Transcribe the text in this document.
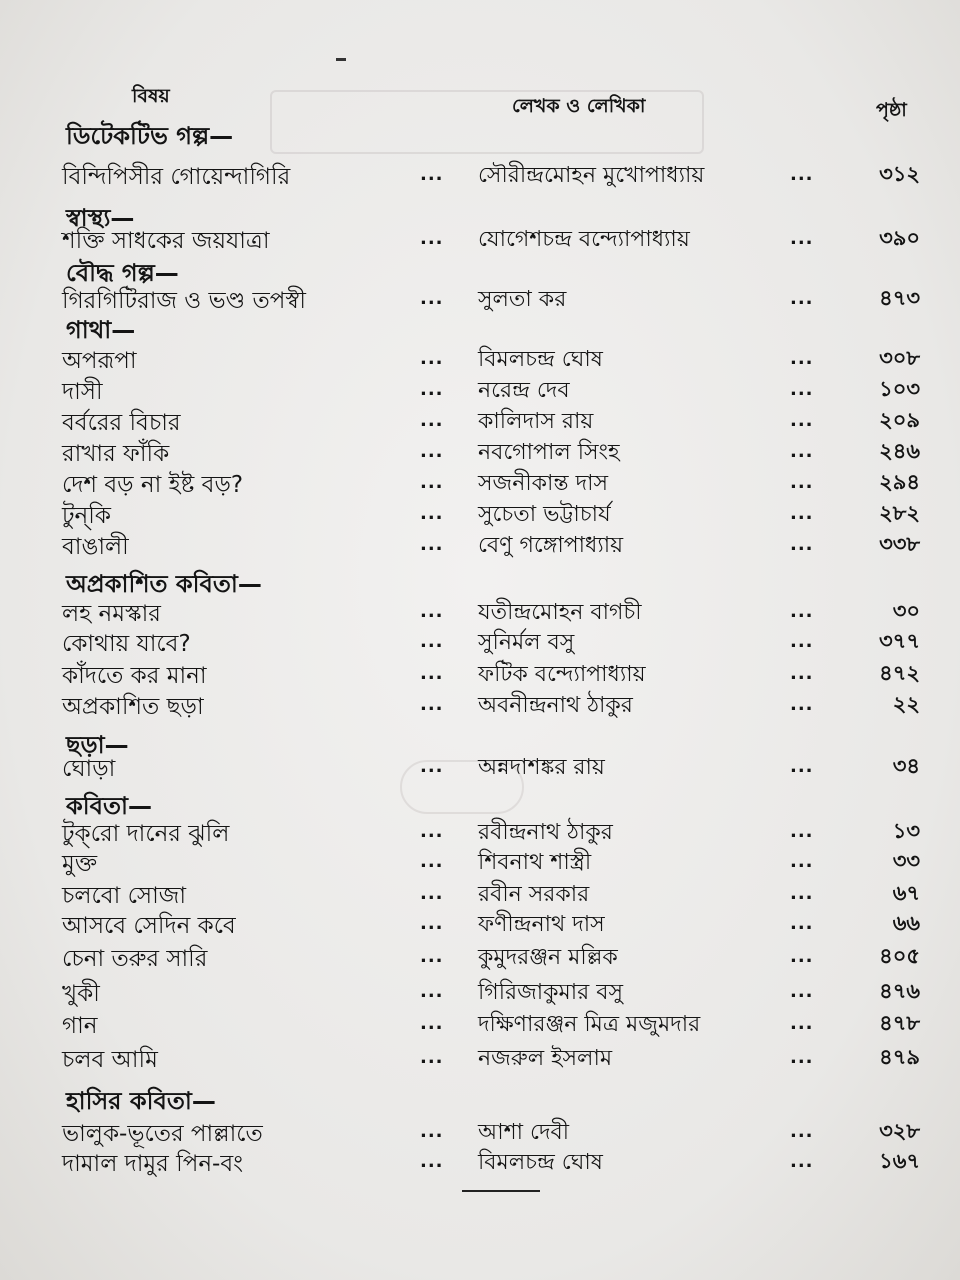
বিষয়	লেখক ও লেখিকা	পৃষ্ঠা
ডিটেকটিভ গল্প—
বিন্দিপিসীর গোয়েন্দাগিরি	... সৌরীন্দ্রমোহন মুখোপাধ্যায়	...	৩১২
স্বাস্থ্য—
শক্তি সাধকের জয়যাত্রা	... যোগেশচন্দ্র বন্দ্যোপাধ্যায়	...	৩৯০
বৌদ্ধ গল্প—
গিরগিটিরাজ ও ভণ্ড তপস্বী	... সুলতা কর	...	৪৭৩
গাথা—
অপরূপা	... বিমলচন্দ্র ঘোষ	...	৩০৮
দাসী	... নরেন্দ্র দেব	...	১০৩
বর্বরের বিচার	... কালিদাস রায়	...	২০৯
রাখার ফাঁকি	... নবগোপাল সিংহ	...	২৪৬
দেশ বড় না ইষ্ট বড়?	... সজনীকান্ত দাস	...	২৯৪
টুন্‌কি	... সুচেতা ভট্টাচার্য	...	২৮২
বাঙালী	... বেণু গঙ্গোপাধ্যায়	...	৩৩৮
অপ্রকাশিত কবিতা—
লহ নমস্কার	... যতীন্দ্রমোহন বাগচী	...	৩০
কোথায় যাবে?	... সুনির্মল বসু	...	৩৭৭
কাঁদতে কর মানা	... ফটিক বন্দ্যোপাধ্যায়	...	৪৭২
অপ্রকাশিত ছড়া	... অবনীন্দ্রনাথ ঠাকুর	...	২২
ছড়া—
ঘোড়া	... অন্নদাশঙ্কর রায়	...	৩৪
কবিতা—
টুক্‌রো দানের ঝুলি	... রবীন্দ্রনাথ ঠাকুর	...	১৩
মুক্ত	... শিবনাথ শাস্ত্রী	...	৩৩
চলবো সোজা	... রবীন সরকার	...	৬৭
আসবে সেদিন কবে	... ফণীন্দ্রনাথ দাস	...	৬৬
চেনা তরুর সারি	... কুমুদরঞ্জন মল্লিক	...	৪০৫
খুকী	... গিরিজাকুমার বসু	...	৪৭৬
গান	... দক্ষিণারঞ্জন মিত্র মজুমদার	...	৪৭৮
চলব আমি	... নজরুল ইসলাম	...	৪৭৯
হাসির কবিতা—
ভালুক-ভূতের পাল্লাতে	... আশা দেবী	...	৩২৮
দামাল দামুর পিন-বং	... বিমলচন্দ্র ঘোষ	...	১৬৭
